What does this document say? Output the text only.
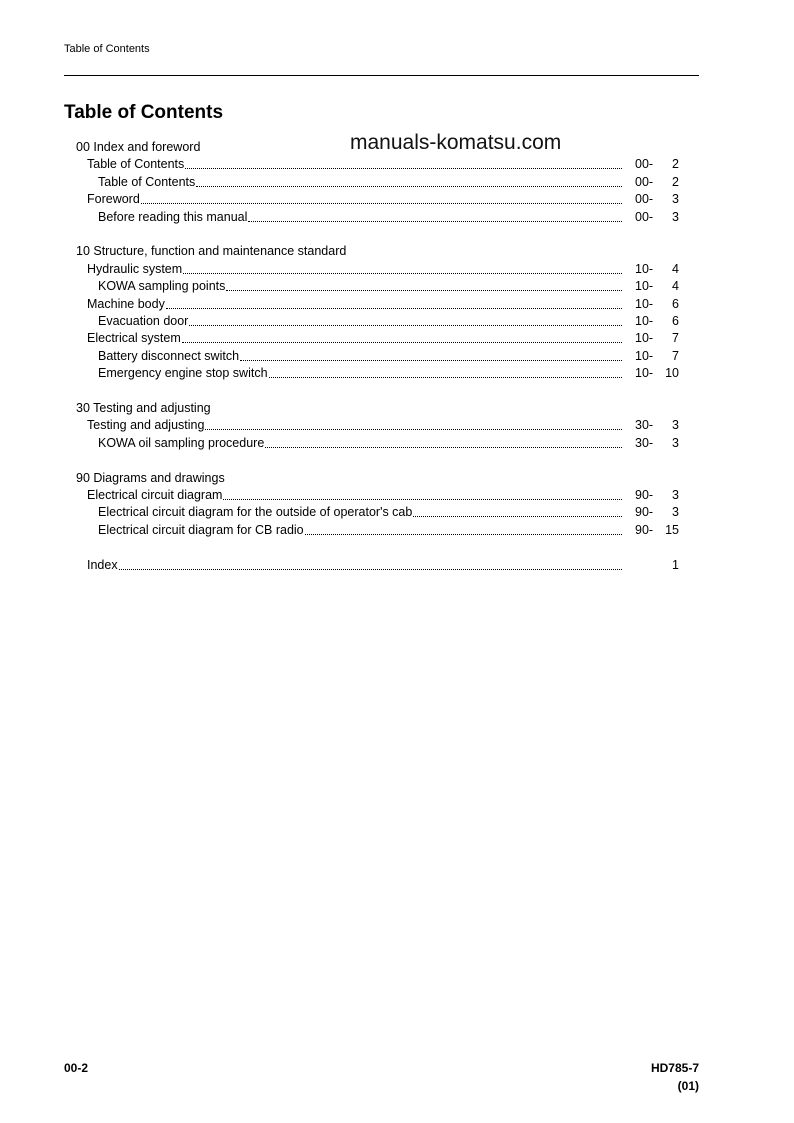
Table of Contents
Table of Contents
manuals-komatsu.com
00 Index and foreword
Table of Contents	00- 2
Table of Contents	00- 2
Foreword	00- 3
Before reading this manual	00- 3
10 Structure, function and maintenance standard
Hydraulic system	10- 4
KOWA sampling points	10- 4
Machine body	10- 6
Evacuation door	10- 6
Electrical system	10- 7
Battery disconnect switch	10- 7
Emergency engine stop switch	10- 10
30 Testing and adjusting
Testing and adjusting	30- 3
KOWA oil sampling procedure	30- 3
90 Diagrams and drawings
Electrical circuit diagram	90- 3
Electrical circuit diagram for the outside of operator's cab	90- 3
Electrical circuit diagram for CB radio	90- 15
Index	1
00-2	HD785-7
(01)
